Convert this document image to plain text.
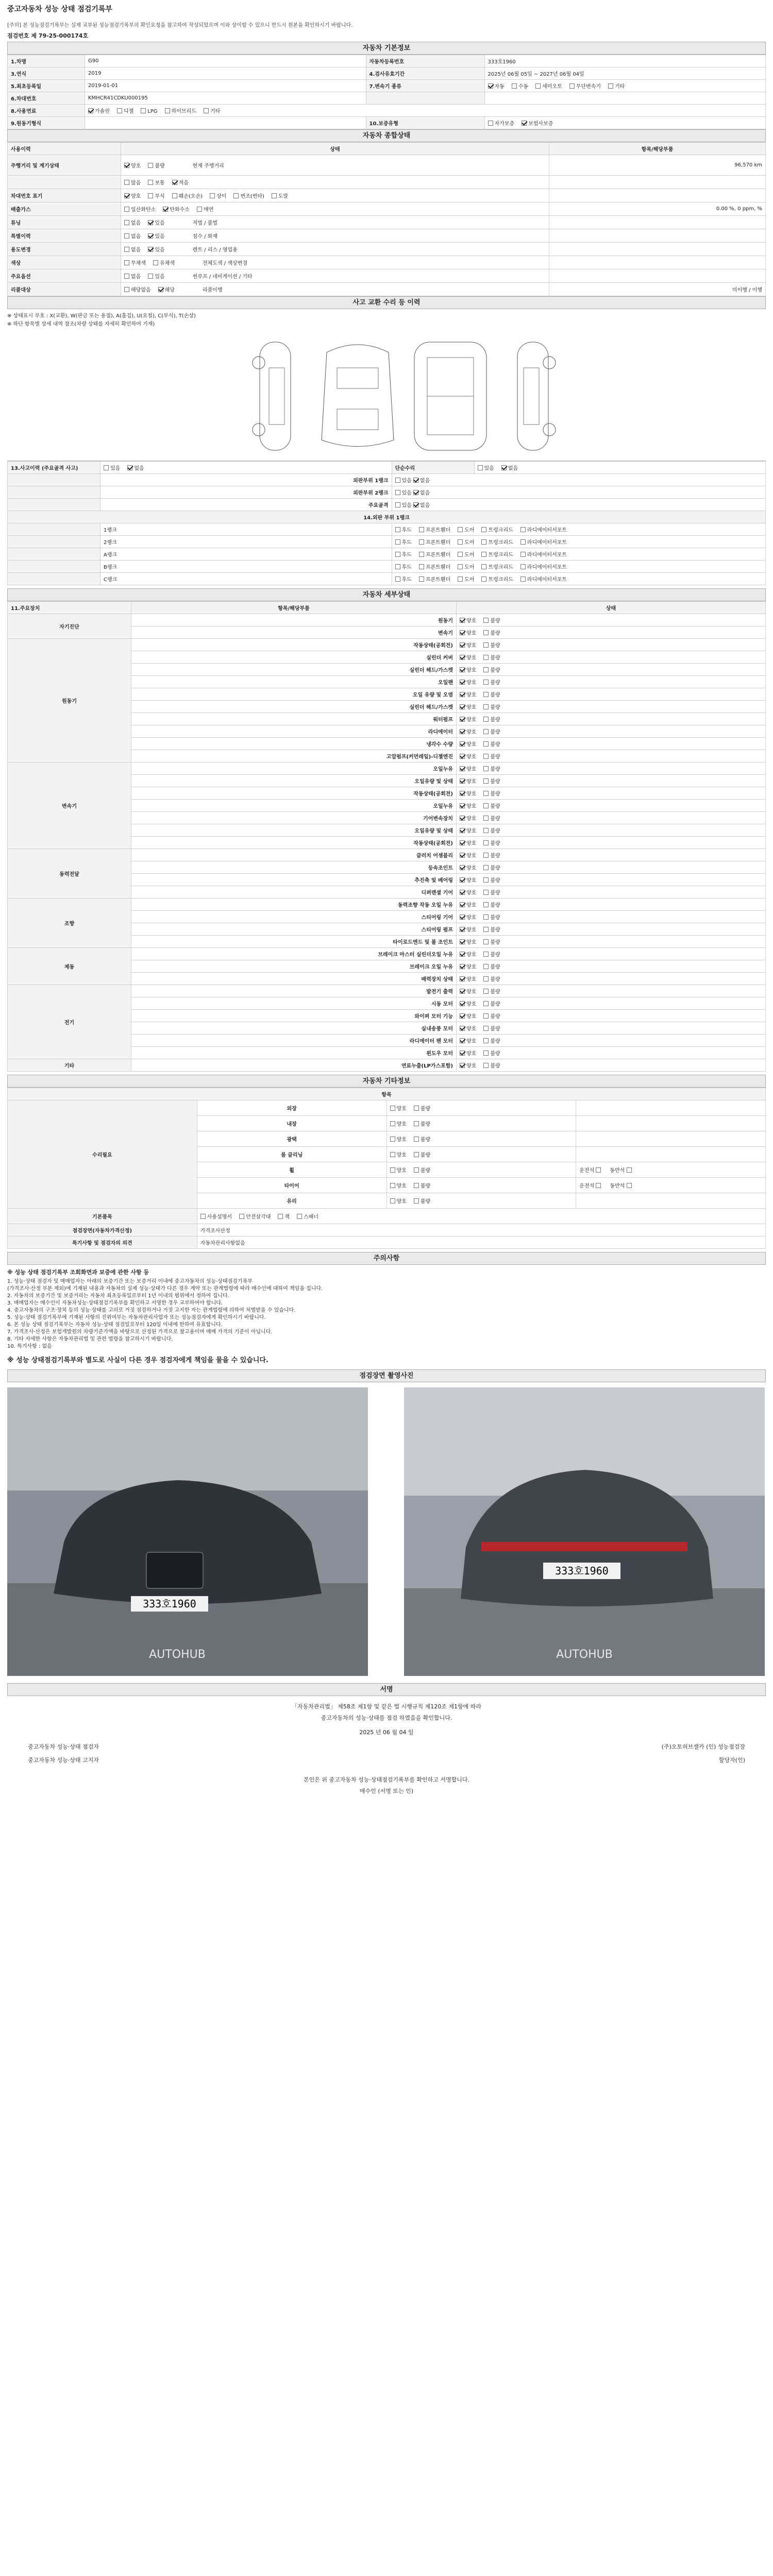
중고자동차 성능 상태 점검기록부
[주의] 본 성능점검기록부는 실제 교부된 성능점검기록부의 확인요청을 참고하여 작성되었으며 이와 상이할 수 있으니 반드시 원본을 확인하시기 바랍니다.
점검번호 제 79-25-000174호
자동차 기본정보
1.차명	G90	자동차등록번호	333호1960
3.연식	2019	4.검사유효기간	2025년 06월 05일 ~ 2027년 06월 04일
5.최초등록일	2019-01-01	7.변속기 종류	자동 수동 세미오토 무단변속기 기타
6.차대번호	KMHCR41CDKU000195		
8.사용연료	가솔린 디젤 LPG 하이브리드 기타		
9.원동기형식		10.보증유형	자가보증 보험사보증
자동차 종합상태
사용이력	상태	항목/해당부품
주행거리 및 계기상태	양호 불량 현재 주행거리	96,570 km
	많음 보통 적음	
차대번호 표기	양호 부식 훼손(오손) 상이 변조(변타) 도말	
배출가스	일산화탄소 탄화수소 매연	0.00 %, 0 ppm, %
튜닝	없음 있음 적법 / 불법	
특별이력	없음 있음 침수 / 화재	
용도변경	없음 있음 렌트 / 리스 / 영업용	
색상	무채색 유채색 전체도색 / 색상변경	
주요옵션	없음 있음 썬루프 / 네비게이션 / 기타	
리콜대상	해당없음 해당 리콜이행	미이행 / 이행
사고 교환 수리 등 이력
※ 상태표시 부호 : X(교환), W(판금 또는 용접), A(흠집), U(요철), C(부식), T(손상)
※ 하단 항목별 상세 내역 참조(차량 상태를 자세히 확인하여 기재)
13.사고이력 (주요골격 사고)	있음 없음	단순수리	있음 없음
	외판부위 1랭크	있음 없음	
	외판부위 2랭크	있음 없음	
	주요골격	있음 없음	
14.외판 부위 1랭크			
	1랭크	후드 프론트휀더 도어 트렁크리드 라디에이터서포트	
	2랭크	후드 프론트휀더 도어 트렁크리드 라디에이터서포트	
	A랭크	후드 프론트휀더 도어 트렁크리드 라디에이터서포트	
	B랭크	후드 프론트휀더 도어 트렁크리드 라디에이터서포트	
	C랭크	후드 프론트휀더 도어 트렁크리드 라디에이터서포트	
자동차 세부상태
11.주요장치	항목/해당부품	상태
자기진단	원동기	양호 불량
	변속기	양호 불량
원동기	작동상태(공회전)	양호 불량
	실린더 커버	양호 불량
	실린더 헤드/가스켓	양호 불량
	오일팬	양호 불량
	오일 유량 및 오염	양호 불량
	실린더 헤드/가스켓	양호 불량
	워터펌프	양호 불량
	라디에이터	양호 불량
	냉각수 수량	양호 불량
	고압펌프(커먼레일)-디젤엔진	양호 불량
변속기	오일누유	양호 불량
	오일유량 및 상태	양호 불량
	작동상태(공회전)	양호 불량
	오일누유	양호 불량
	기어변속장치	양호 불량
	오일유량 및 상태	양호 불량
	작동상태(공회전)	양호 불량
동력전달	클러치 어셈블리	양호 불량
	등속조인트	양호 불량
	추진축 및 베어링	양호 불량
	디퍼렌셜 기어	양호 불량
조향	동력조향 작동 오일 누유	양호 불량
	스티어링 기어	양호 불량
	스티어링 펌프	양호 불량
	타이로드엔드 및 볼 조인트	양호 불량
제동	브레이크 마스터 실린더오일 누유	양호 불량
	브레이크 오일 누유	양호 불량
	배력장치 상태	양호 불량
전기	발전기 출력	양호 불량
	시동 모터	양호 불량
	와이퍼 모터 기능	양호 불량
	실내송풍 모터	양호 불량
	라디에이터 팬 모터	양호 불량
	윈도우 모터	양호 불량
기타	연료누출(LP가스포함)	양호 불량
자동차 기타정보
항목			
수리필요	외장	양호 불량	
	내장	양호 불량	
	광택	양호 불량	
	룸 클리닝	양호 불량	
	휠	양호 불량	운전석 동반석
	타이어	양호 불량	운전석 동반석
	유리	양호 불량	
기본품목	사용설명서 안전삼각대 잭 스패너		
점검장면(자동차가격산정)	가격조사산정		
특기사항 및 점검자의 의견	자동차관리사항없음		
주의사항
※ 성능 상태 점검기록부 조회화면과 보증에 관한 사항 등
1. 성능·상태 점검자 및 매매업자는 아래의 보증기간 또는 보증거리 이내에 중고자동차의 성능·상태점검기록부
(가격조사·산정 부분 제외)에 기재된 내용과 자동차의 실제 성능·상태가 다른 경우 계약 또는 관계법령에 따라 매수인에 대하여 책임을 집니다.
2. 자동차의 보증기간 및 보증거리는 자동차 최초등록일로부터 1년 이내의 범위에서 정하여 집니다.
3. 매매업자는 매수인이 자동차성능·상태점검기록부를 확인하고 서명한 경우 교부하여야 합니다.
4. 중고자동차의 구조·장치 등의 성능·상태를 고의로 거짓 점검하거나 거짓 고지한 자는 관계법령에 의하여 처벌받을 수 있습니다.
5. 성능·상태 점검기록부에 기재된 사항의 진위여부는 자동차관리사업자 또는 성능점검자에게 확인하시기 바랍니다.
6. 본 성능 상태 점검기록부는 자동차 성능·상태 점검일로부터 120일 이내에 한하여 유효합니다.
7. 가격조사·산정은 보험개발원의 차량기준가액을 바탕으로 산정된 가격으로 참고용이며 매매 가격의 기준이 아닙니다.
8. 기타 자세한 사항은 자동차관리법 및 관련 법령을 참고하시기 바랍니다.
10. 특기사항 : 없음
※ 성능 상태점검기록부와 별도로 사실이 다른 경우 점검자에게 책임을 물을 수 있습니다.
점검장면 촬영사진
333호1960
AUTOHUB
333호1960
AUTOHUB
서명
「자동차관리법」 제58조 제1항 및 같은 법 시행규칙 제120조 제1항에 따라
중고자동차의 성능·상태를 점검 하였음을 확인합니다.
2025 년 06 월 04 일
중고자동차 성능·상태 점검자	(주)오토허브셀카 (인) 성능점검장
중고자동차 성능·상태 고지자	할당자(인)
본인은 위 중고자동차 성능·상태점검기록부를 확인하고 서명합니다.
매수인 (서명 또는 인)
